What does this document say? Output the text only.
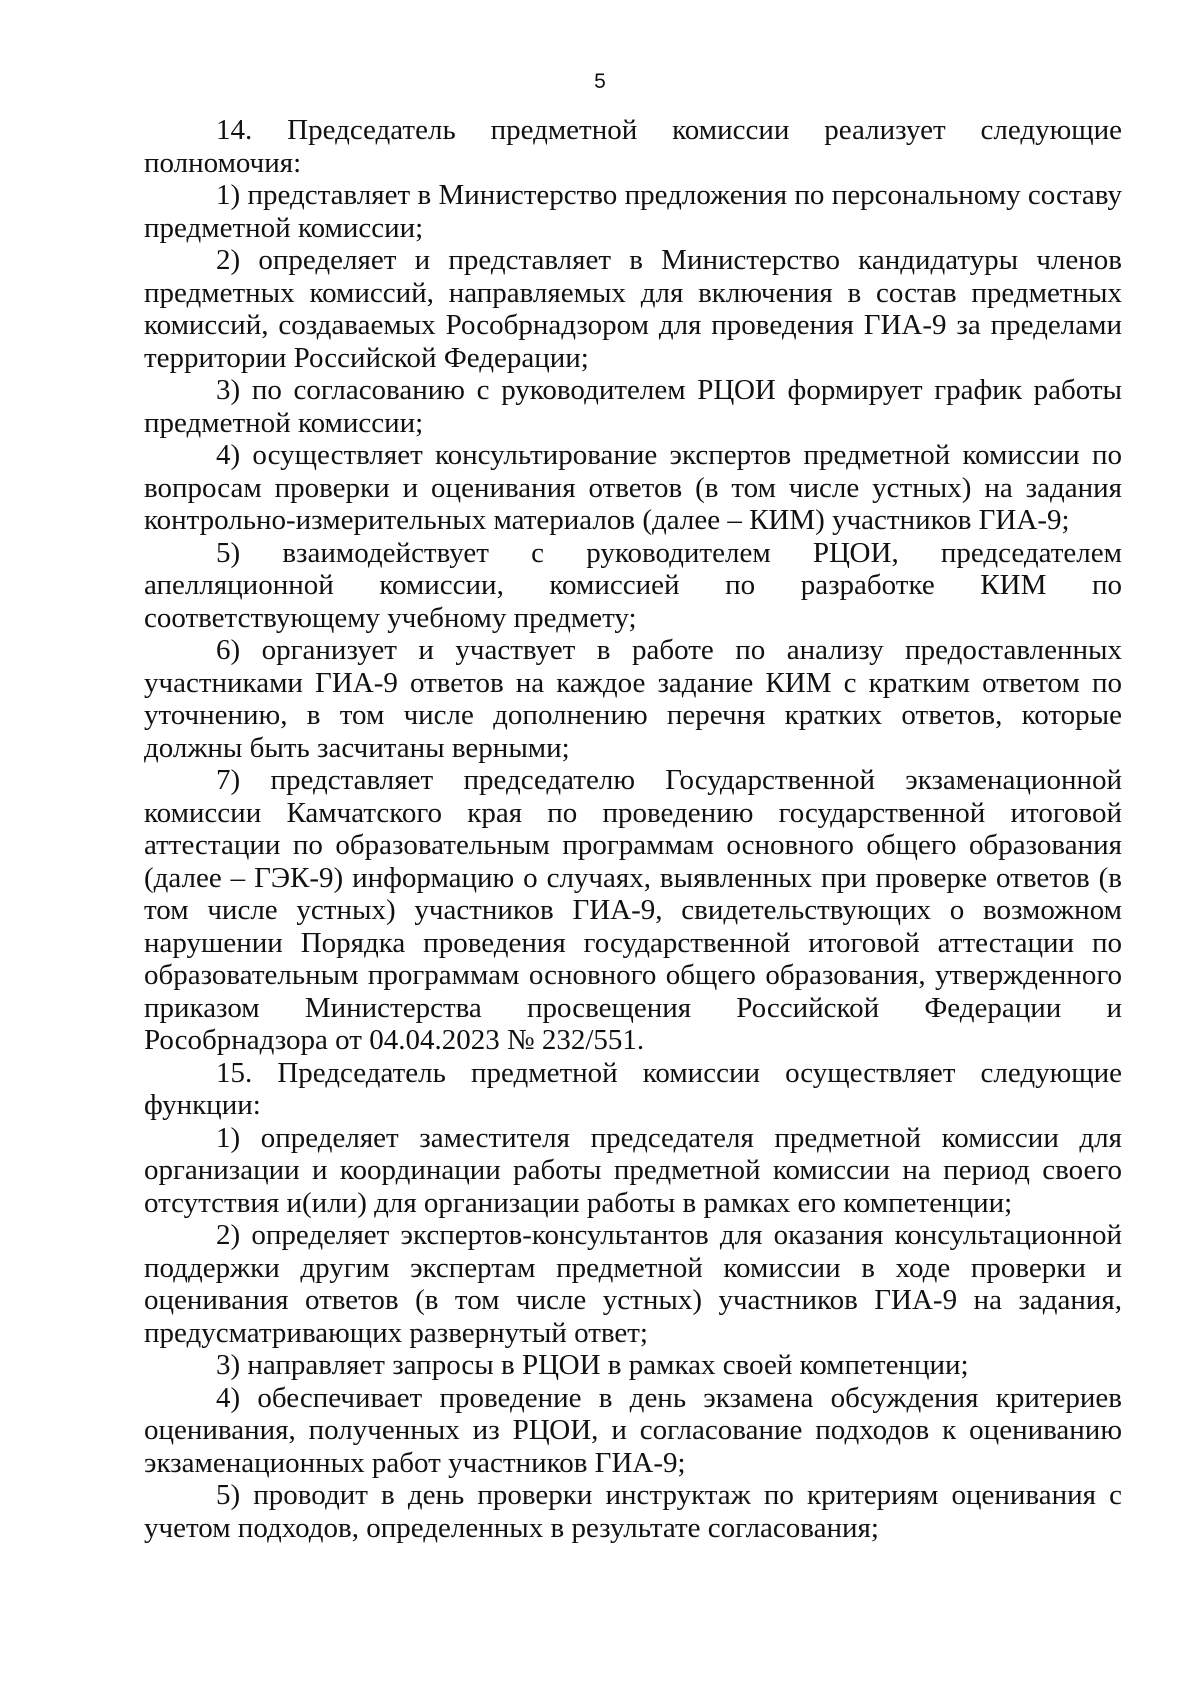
5

14. Председатель предметной комиссии реализует следующие полномочия:

1) представляет в Министерство предложения по персональному составу предметной комиссии;

2) определяет и представляет в Министерство кандидатуры членов предметных комиссий, направляемых для включения в состав предметных комиссий, создаваемых Рособрнадзором для проведения ГИА-9 за пределами территории Российской Федерации;

3) по согласованию с руководителем РЦОИ формирует график работы предметной комиссии;

4) осуществляет консультирование экспертов предметной комиссии по вопросам проверки и оценивания ответов (в том числе устных) на задания контрольно-измерительных материалов (далее – КИМ) участников ГИА-9;

5) взаимодействует с руководителем РЦОИ, председателем апелляционной комиссии, комиссией по разработке КИМ по соответствующему учебному предмету;

6) организует и участвует в работе по анализу предоставленных участниками ГИА-9 ответов на каждое задание КИМ с кратким ответом по уточнению, в том числе дополнению перечня кратких ответов, которые должны быть засчитаны верными;

7) представляет председателю Государственной экзаменационной комиссии Камчатского края по проведению государственной итоговой аттестации по образовательным программам основного общего образования (далее – ГЭК-9) информацию о случаях, выявленных при проверке ответов (в том числе устных) участников ГИА-9, свидетельствующих о возможном нарушении Порядка проведения государственной итоговой аттестации по образовательным программам основного общего образования, утвержденного приказом Министерства просвещения Российской Федерации и Рособрнадзора от 04.04.2023 № 232/551.

15. Председатель предметной комиссии осуществляет следующие функции:

1) определяет заместителя председателя предметной комиссии для организации и координации работы предметной комиссии на период своего отсутствия и(или) для организации работы в рамках его компетенции;

2) определяет экспертов-консультантов для оказания консультационной поддержки другим экспертам предметной комиссии в ходе проверки и оценивания ответов (в том числе устных) участников ГИА-9 на задания, предусматривающих развернутый ответ;

3) направляет запросы в РЦОИ в рамках своей компетенции;

4) обеспечивает проведение в день экзамена обсуждения критериев оценивания, полученных из РЦОИ, и согласование подходов к оцениванию экзаменационных работ участников ГИА-9;

5) проводит в день проверки инструктаж по критериям оценивания с учетом подходов, определенных в результате согласования;
